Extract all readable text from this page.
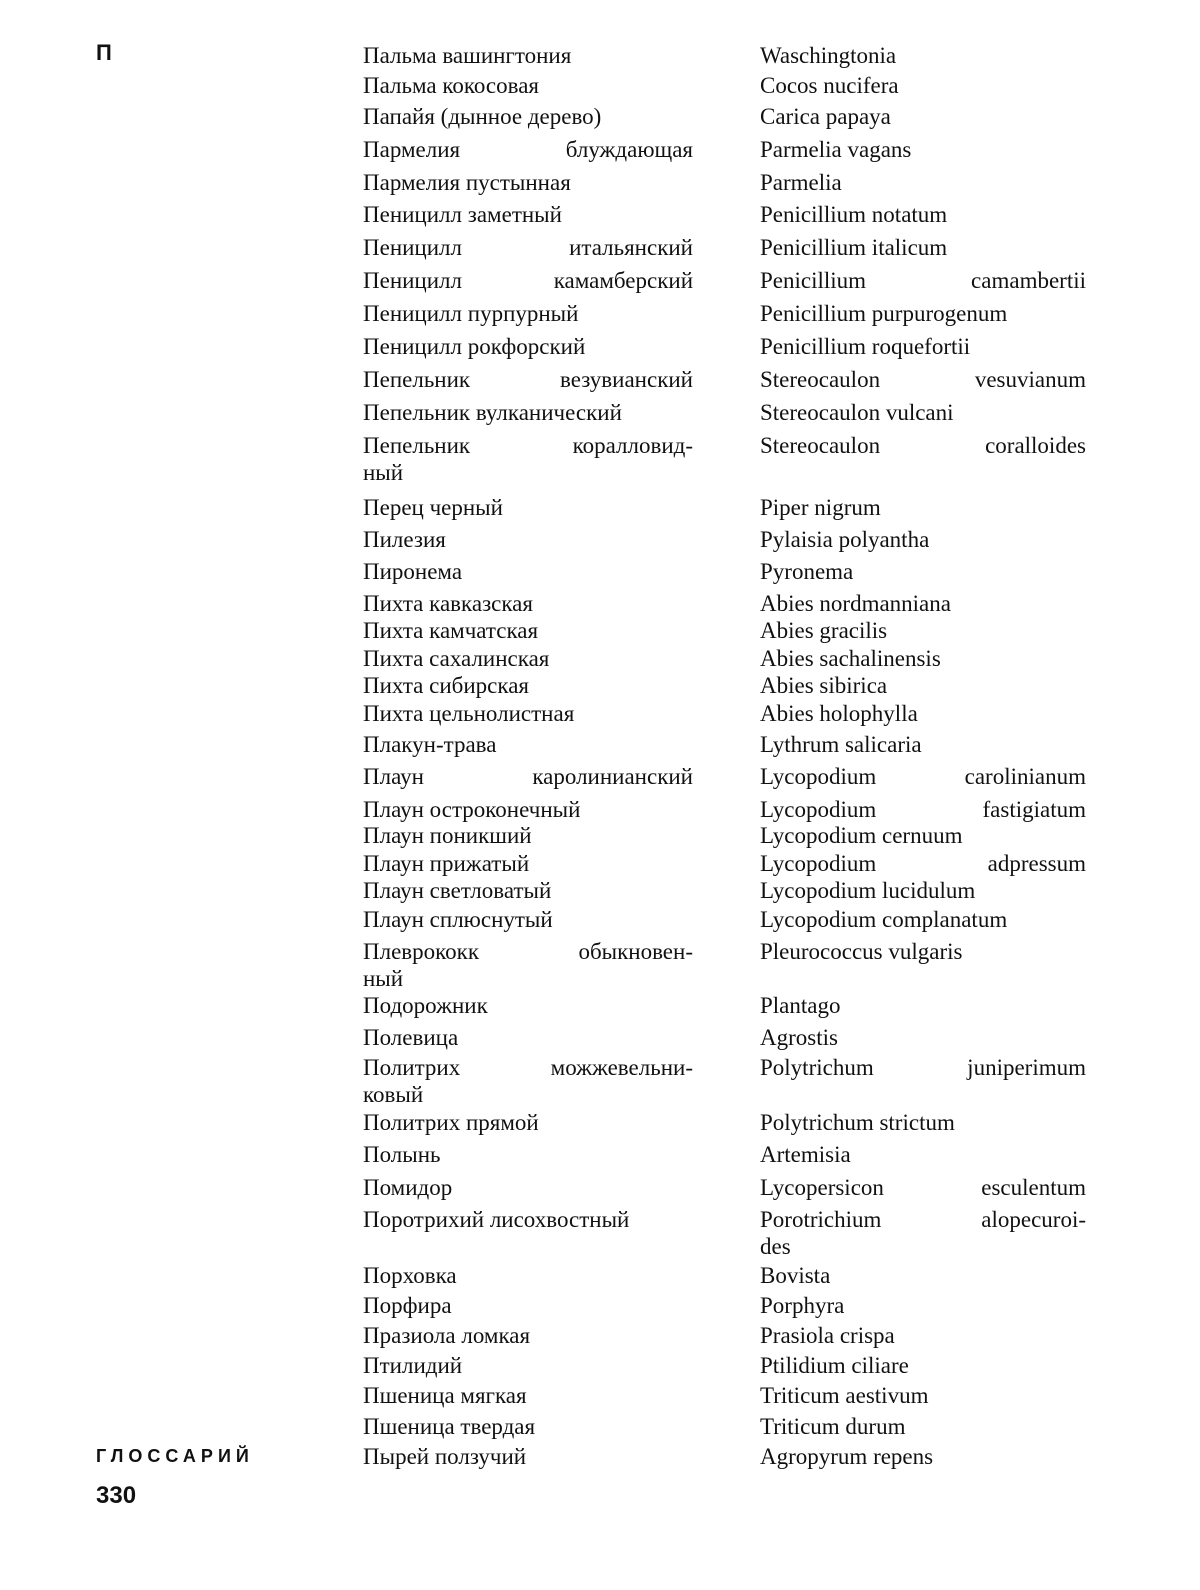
П	Пальма вашингтония	Waschingtonia
Пальма кокосовая	Cocos nucifera
Папайя (дынное дерево)	Carica papaya
Пармелия блуждающая	Parmelia vagans
Пармелия пустынная	Parmelia
Пеницилл заметный	Penicillium notatum
Пеницилл итальянский	Penicillium italicum
Пеницилл камамберский	Penicillium camambertii
Пеницилл пурпурный	Penicillium purpurogenum
Пеницилл рокфорский	Penicillium roquefortii
Пепельник везувианский	Stereocaulon vesuvianum
Пепельник вулканический	Stereocaulon vulcani
Пепельник коралловид-	Stereocaulon coralloides
ный
Перец черный	Piper nigrum
Пилезия	Pylaisia polyantha
Пиронема	Pyronema
Пихта кавказская	Abies nordmanniana
Пихта камчатская	Abies gracilis
Пихта сахалинская	Abies sachalinensis
Пихта сибирская	Abies sibirica
Пихта цельнолистная	Abies holophylla
Плакун-трава	Lythrum salicaria
Плаун каролинианский	Lycopodium carolinianum
Плаун остроконечный	Lycopodium fastigiatum
Плаун поникший	Lycopodium cernuum
Плаун прижатый	Lycopodium adpressum
Плаун светловатый	Lycopodium lucidulum
Плаун сплюснутый	Lycopodium complanatum
Плеврококк обыкновен-	Pleurococcus vulgaris
ный
Подорожник	Plantago
Полевица	Agrostis
Политрих можжевельни-	Polytrichum juniperimum
ковый
Политрих прямой	Polytrichum strictum
Полынь	Artemisia
Помидор	Lycopersicon esculentum
Поротрихий лисохвостный	Porotrichium alopecuroi-
des
Порховка	Bovista
Порфира	Porphyra
Празиола ломкая	Prasiola crispa
Птилидий	Ptilidium ciliare
Пшеница мягкая	Triticum aestivum
Пшеница твердая	Triticum durum
Пырей ползучий	Agropyrum repens
ГЛОССАРИЙ
330
